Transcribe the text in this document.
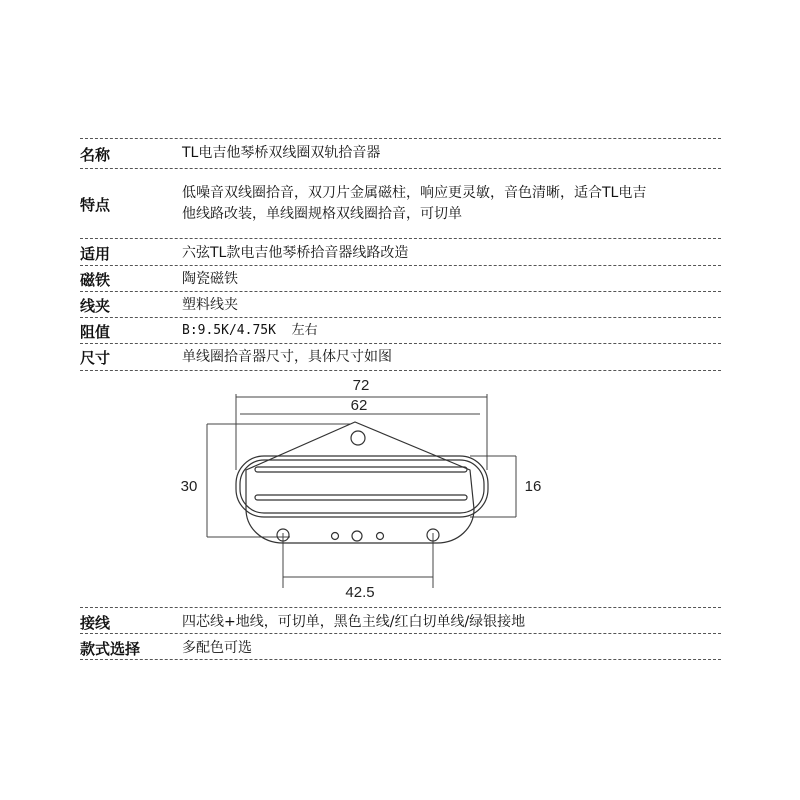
名称	TL电吉他琴桥双线圈双轨拾音器
特点
低噪音双线圈拾音，双刀片金属磁柱，响应更灵敏，音色清晰，适合TL电吉
他线路改装，单线圈规格双线圈拾音，可切单
适用	六弦TL款电吉他琴桥拾音器线路改造
磁铁	陶瓷磁铁
线夹	塑料线夹
阻值	B:9.5K/4.75K  左右
尺寸	单线圈拾音器尺寸，具体尺寸如图
接线	四芯线+地线，可切单，黑色主线/红白切单线/绿银接地
款式选择	多配色可选
72
62
30	16
42.5
